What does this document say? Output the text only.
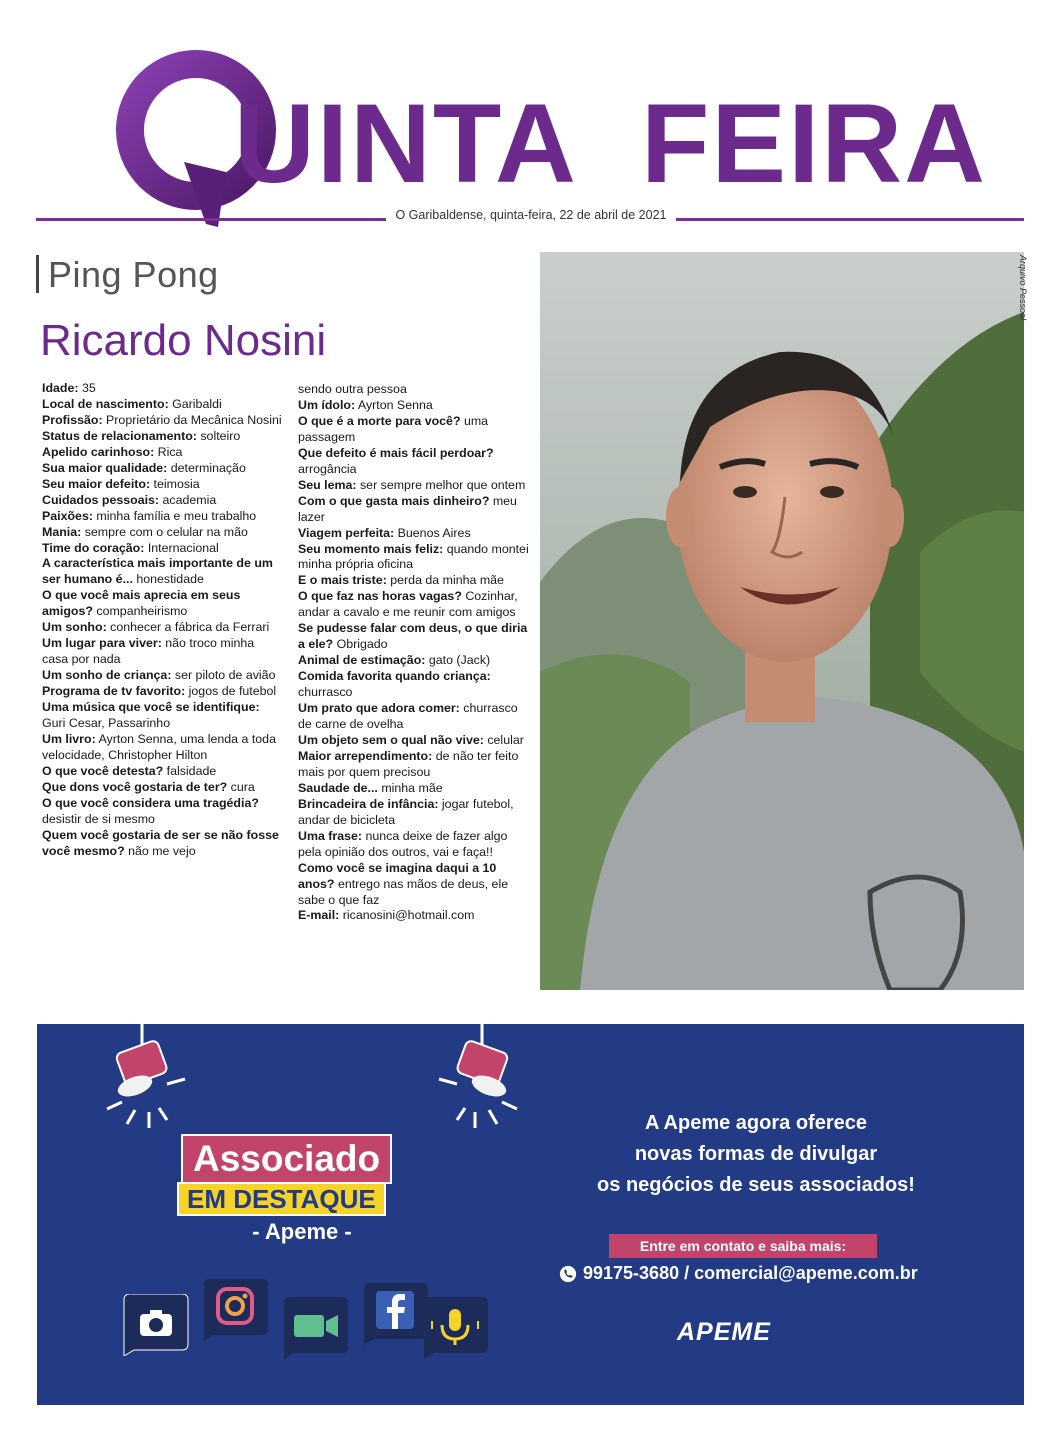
UINTA FEIRA
O Garibaldense, quinta-feira, 22 de abril de 2021
Ping Pong
Ricardo Nosini

Idade: 35

Local de nascimento: Garibaldi

Profissão: Proprietário da Mecânica Nosini

Status de relacionamento: solteiro

Apelido carinhoso: Rica

Sua maior qualidade: determinação

Seu maior defeito: teimosia

Cuidados pessoais: academia

Paixões: minha família e meu trabalho

Mania: sempre com o celular na mão

Time do coração: Internacional

A característica mais importante de um ser humano é... honestidade

O que você mais aprecia em seus amigos? companheirismo

Um sonho: conhecer a fábrica da Ferrari

Um lugar para viver: não troco minha casa por nada

Um sonho de criança: ser piloto de avião

Programa de tv favorito: jogos de futebol

Uma música que você se identifique: Guri Cesar, Passarinho

Um livro: Ayrton Senna, uma lenda a toda velocidade, Christopher Hilton

O que você detesta? falsidade

Que dons você gostaria de ter? cura

O que você considera uma tragédia? desistir de si mesmo

Quem você gostaria de ser se não fosse você mesmo? não me vejo

sendo outra pessoa

Um ídolo: Ayrton Senna

O que é a morte para você? uma passagem

Que defeito é mais fácil perdoar? arrogância

Seu lema: ser sempre melhor que ontem

Com o que gasta mais dinheiro? meu lazer

Viagem perfeita: Buenos Aires

Seu momento mais feliz: quando montei minha própria oficina

E o mais triste: perda da minha mãe

O que faz nas horas vagas? Cozinhar, andar a cavalo e me reunir com amigos

Se pudesse falar com deus, o que diria a ele? Obrigado

Animal de estimação: gato (Jack)

Comida favorita quando criança: churrasco

Um prato que adora comer: churrasco de carne de ovelha

Um objeto sem o qual não vive: celular

Maior arrependimento: de não ter feito mais por quem precisou

Saudade de... minha mãe

Brincadeira de infância: jogar futebol, andar de bicicleta

Uma frase: nunca deixe de fazer algo pela opinião dos outros, vai e faça!!

Como você se imagina daqui a 10 anos? entrego nas mãos de deus, ele sabe o que faz

E-mail: ricanosini@hotmail.com

Arquivo Pessoal
Associado
EM DESTAQUE
- Apeme -
A Apeme agora oferece
novas formas de divulgar
os negócios de seus associados!
Entre em contato e saiba mais:
99175-3680 / comercial@apeme.com.br
APEME
